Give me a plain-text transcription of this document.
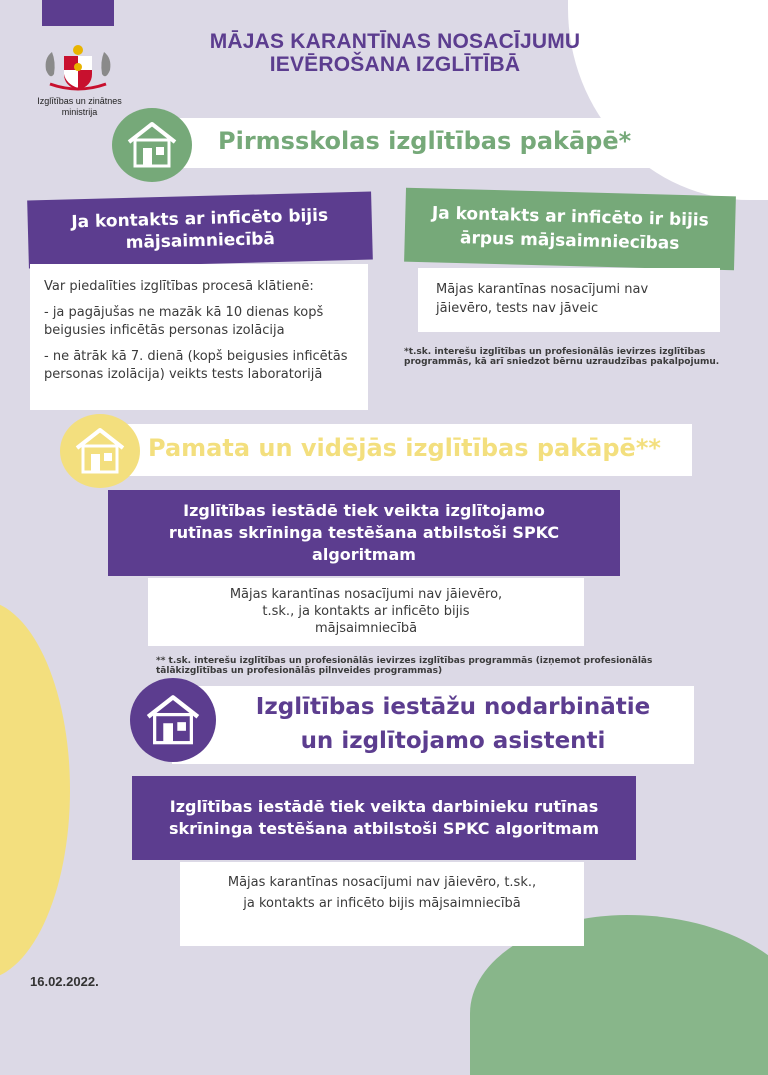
Izglītības un zinātnes ministrija
MĀJAS KARANTĪNAS NOSACĪJUMU
IEVĒROŠANA IZGLĪTĪBĀ
Pirmsskolas izglītības pakāpē*
Ja kontakts ar inficēto bijis mājsaimniecībā
Var piedalīties izglītības procesā klātienē:
- ja pagājušas ne mazāk kā 10 dienas kopš beigusies inficētās personas izolācija
- ne ātrāk kā 7. dienā (kopš beigusies inficētās personas izolācija) veikts tests laboratorijā
Ja kontakts ar inficēto ir bijis ārpus mājsaimniecības
Mājas karantīnas nosacījumi nav jāievēro, tests nav jāveic
*t.sk. interešu izglītības un profesionālās ievirzes izglītības programmās, kā arī sniedzot bērnu uzraudzības pakalpojumu.
Pamata un vidējās izglītības pakāpē**
Izglītības iestādē tiek veikta izglītojamo rutīnas skrīninga testēšana atbilstoši SPKC algoritmam
Mājas karantīnas nosacījumi nav jāievēro, t.sk., ja kontakts ar inficēto bijis mājsaimniecībā
** t.sk. interešu izglītības un profesionālās ievirzes izglītības programmās (izņemot profesionālās tālākizglītības un profesionālās pilnveides programmas)
Izglītības iestāžu nodarbinātie
un izglītojamo asistenti
Izglītības iestādē tiek veikta darbinieku rutīnas skrīninga testēšana atbilstoši SPKC algoritmam
Mājas karantīnas nosacījumi nav jāievēro, t.sk., ja kontakts ar inficēto bijis mājsaimniecībā
16.02.2022.
